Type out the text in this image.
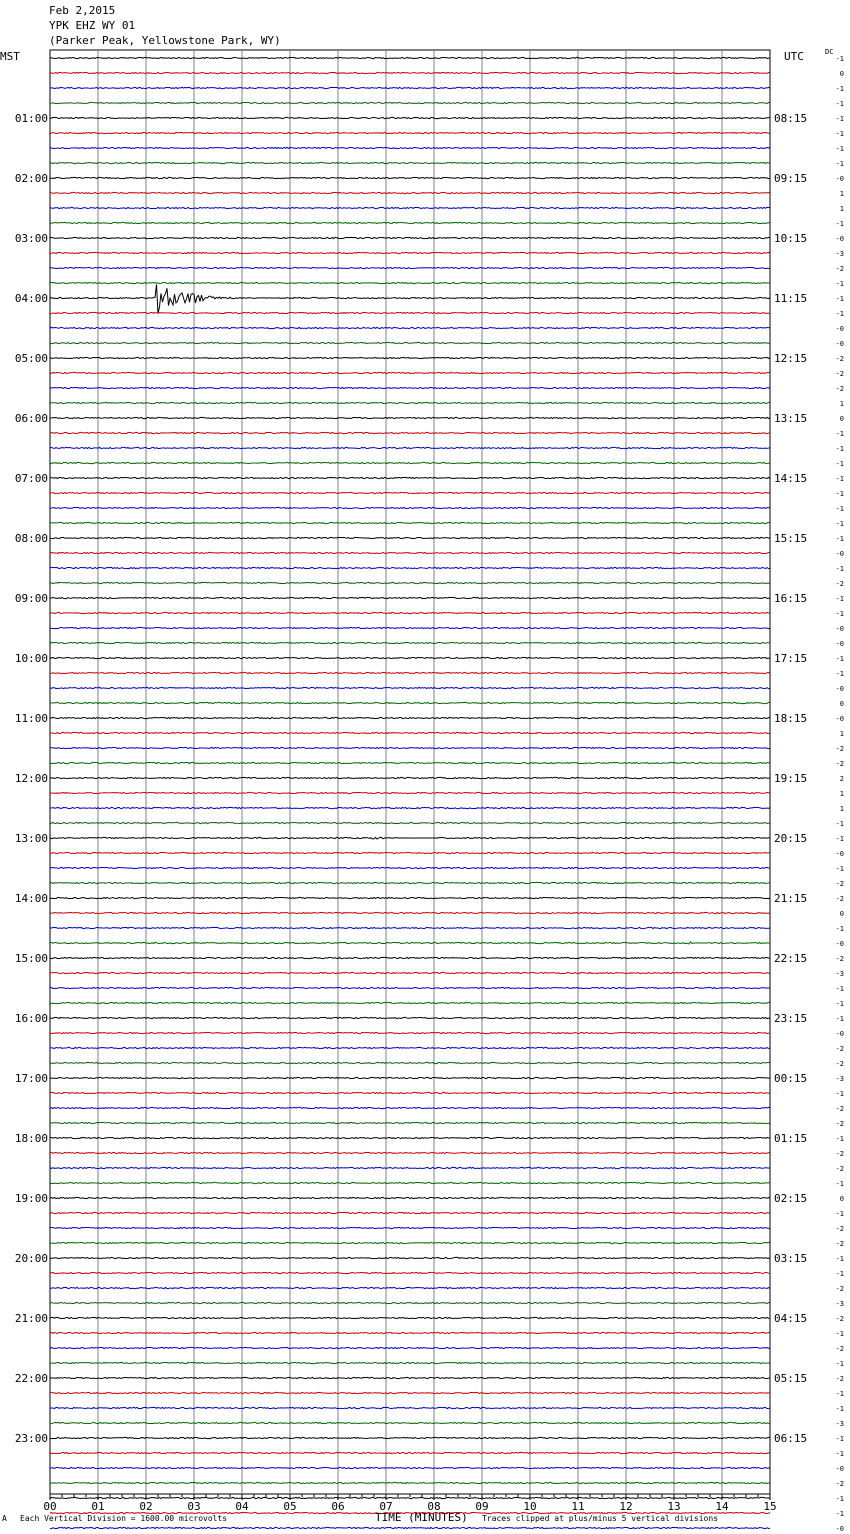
Feb 2,2015
YPK EHZ WY 01
(Parker Peak, Yellowstone Park, WY)
MST	UTC	DC
01:00
02:00
03:00
04:00
05:00
06:00
07:00
08:00
09:00
10:00
11:00
12:00
13:00
14:00
15:00
16:00
17:00
18:00
19:00
20:00
21:00
22:00
23:00
08:15
09:15
10:15
11:15
12:15
13:15
14:15
15:15
16:15
17:15
18:15
19:15
20:15
21:15
22:15
23:15
00:15
01:15
02:15
03:15
04:15
05:15
06:15
-1
0
-1
-1
-1
-1
-1
-1
-0
1
1
-1
-0
-3
-2
-1
-1
-1
-0
-0
-2
-2
-2
1
0
-1
-1
-1
-1
-1
-1
-1
-1
-0
-1
-2
-1
-1
-0
-0
-1
-1
-0
0
-0
1
-2
-2
2
1
1
-1
-1
-0
-1
-2
-2
0
-1
-0
-2
-3
-1
-1
-1
-0
-2
-2
-3
-1
-2
-2
-1
-2
-2
-1
0
-1
-2
-2
-1
-1
-2
-3
-2
-1
-2
-1
-2
-1
-1
-3
-1
-1
-0
-2
-1
-1
-0
00	01	02	03	04	05	06	07	08	09	10	11	12	13	14	15
A Each Vertical Division = 1600.00 microvolts	TIME (MINUTES) Traces clipped at plus/minus 5 vertical divisions
